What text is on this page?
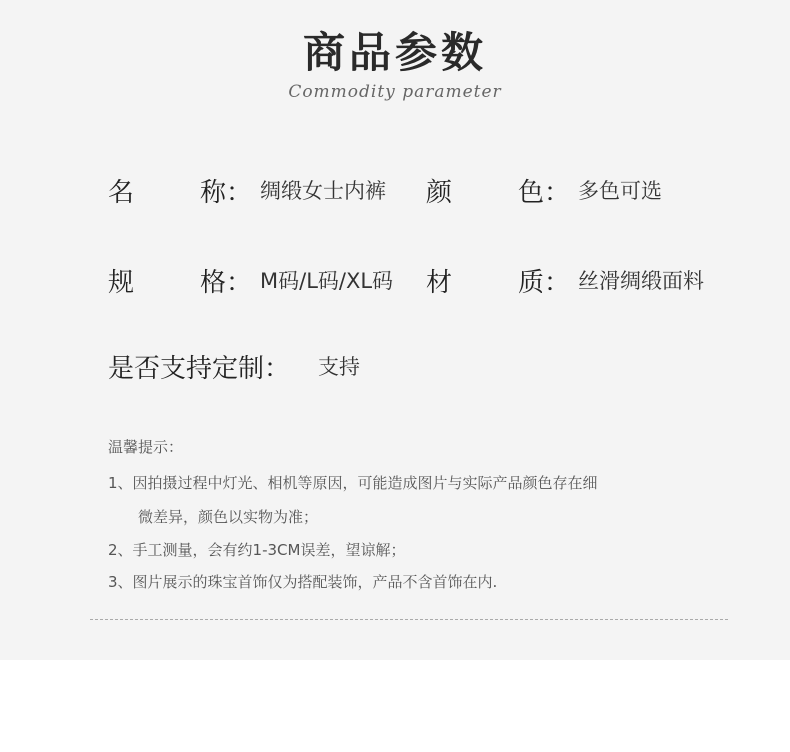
商品参数
Commodity parameter
名	称： 绸缎女士内裤 颜	色： 多色可选
规	格： M码/L码/XL码 材	质： 丝滑绸缎面料
是否支持定制： 支持
温馨提示：
1、因拍摄过程中灯光、相机等原因，可能造成图片与实际产品颜色存在细
微差异，颜色以实物为准；
2、手工测量，会有约1-3CM误差，望谅解；
3、图片展示的珠宝首饰仅为搭配装饰，产品不含首饰在内.
